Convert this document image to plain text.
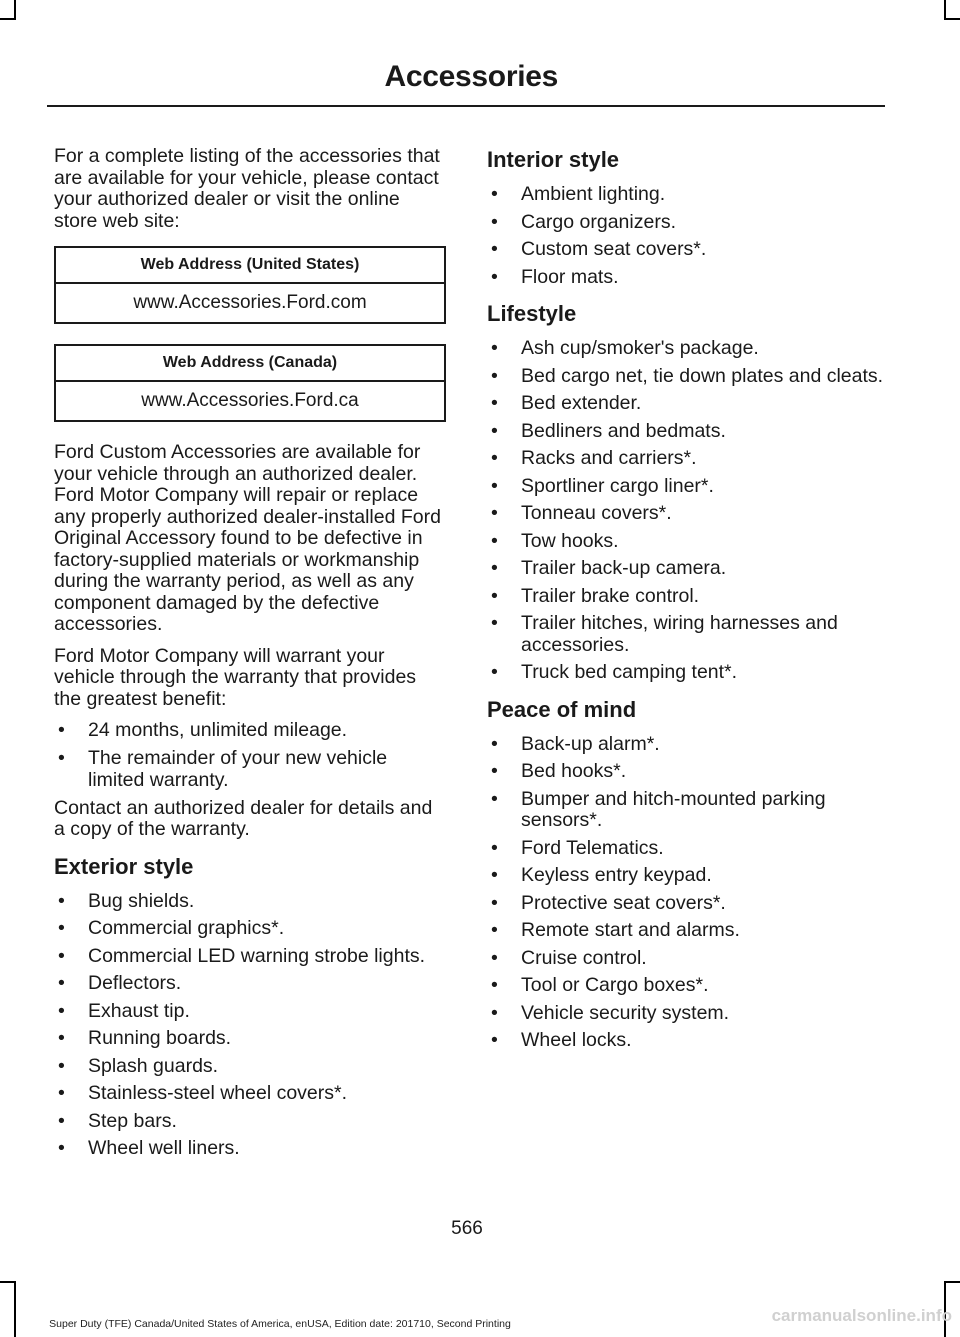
Accessories

For a complete listing of the accessories that are available for your vehicle, please contact your authorized dealer or visit the online store web site:

Web Address (United States)
www.Accessories.Ford.com
Web Address (Canada)
www.Accessories.Ford.ca

Ford Custom Accessories are available for your vehicle through an authorized dealer. Ford Motor Company will repair or replace any properly authorized dealer-installed Ford Original Accessory found to be defective in factory-supplied materials or workmanship during the warranty period, as well as any component damaged by the defective accessories.

Ford Motor Company will warrant your vehicle through the warranty that provides the greatest benefit:

• 24 months, unlimited mileage.
• The remainder of your new vehicle limited warranty.

Contact an authorized dealer for details and a copy of the warranty.

Exterior style
• Bug shields.
• Commercial graphics*.
• Commercial LED warning strobe lights.
• Deflectors.
• Exhaust tip.
• Running boards.
• Splash guards.
• Stainless-steel wheel covers*.
• Step bars.
• Wheel well liners.
Interior style
• Ambient lighting.
• Cargo organizers.
• Custom seat covers*.
• Floor mats.
Lifestyle
• Ash cup/smoker's package.
• Bed cargo net, tie down plates and cleats.
• Bed extender.
• Bedliners and bedmats.
• Racks and carriers*.
• Sportliner cargo liner*.
• Tonneau covers*.
• Tow hooks.
• Trailer back-up camera.
• Trailer brake control.
• Trailer hitches, wiring harnesses and accessories.
• Truck bed camping tent*.
Peace of mind
• Back-up alarm*.
• Bed hooks*.
• Bumper and hitch-mounted parking sensors*.
• Ford Telematics.
• Keyless entry keypad.
• Protective seat covers*.
• Remote start and alarms.
• Cruise control.
• Tool or Cargo boxes*.
• Vehicle security system.
• Wheel locks.
566
Super Duty (TFE) Canada/United States of America, enUSA, Edition date: 201710, Second Printing	carmanualsonline.info
